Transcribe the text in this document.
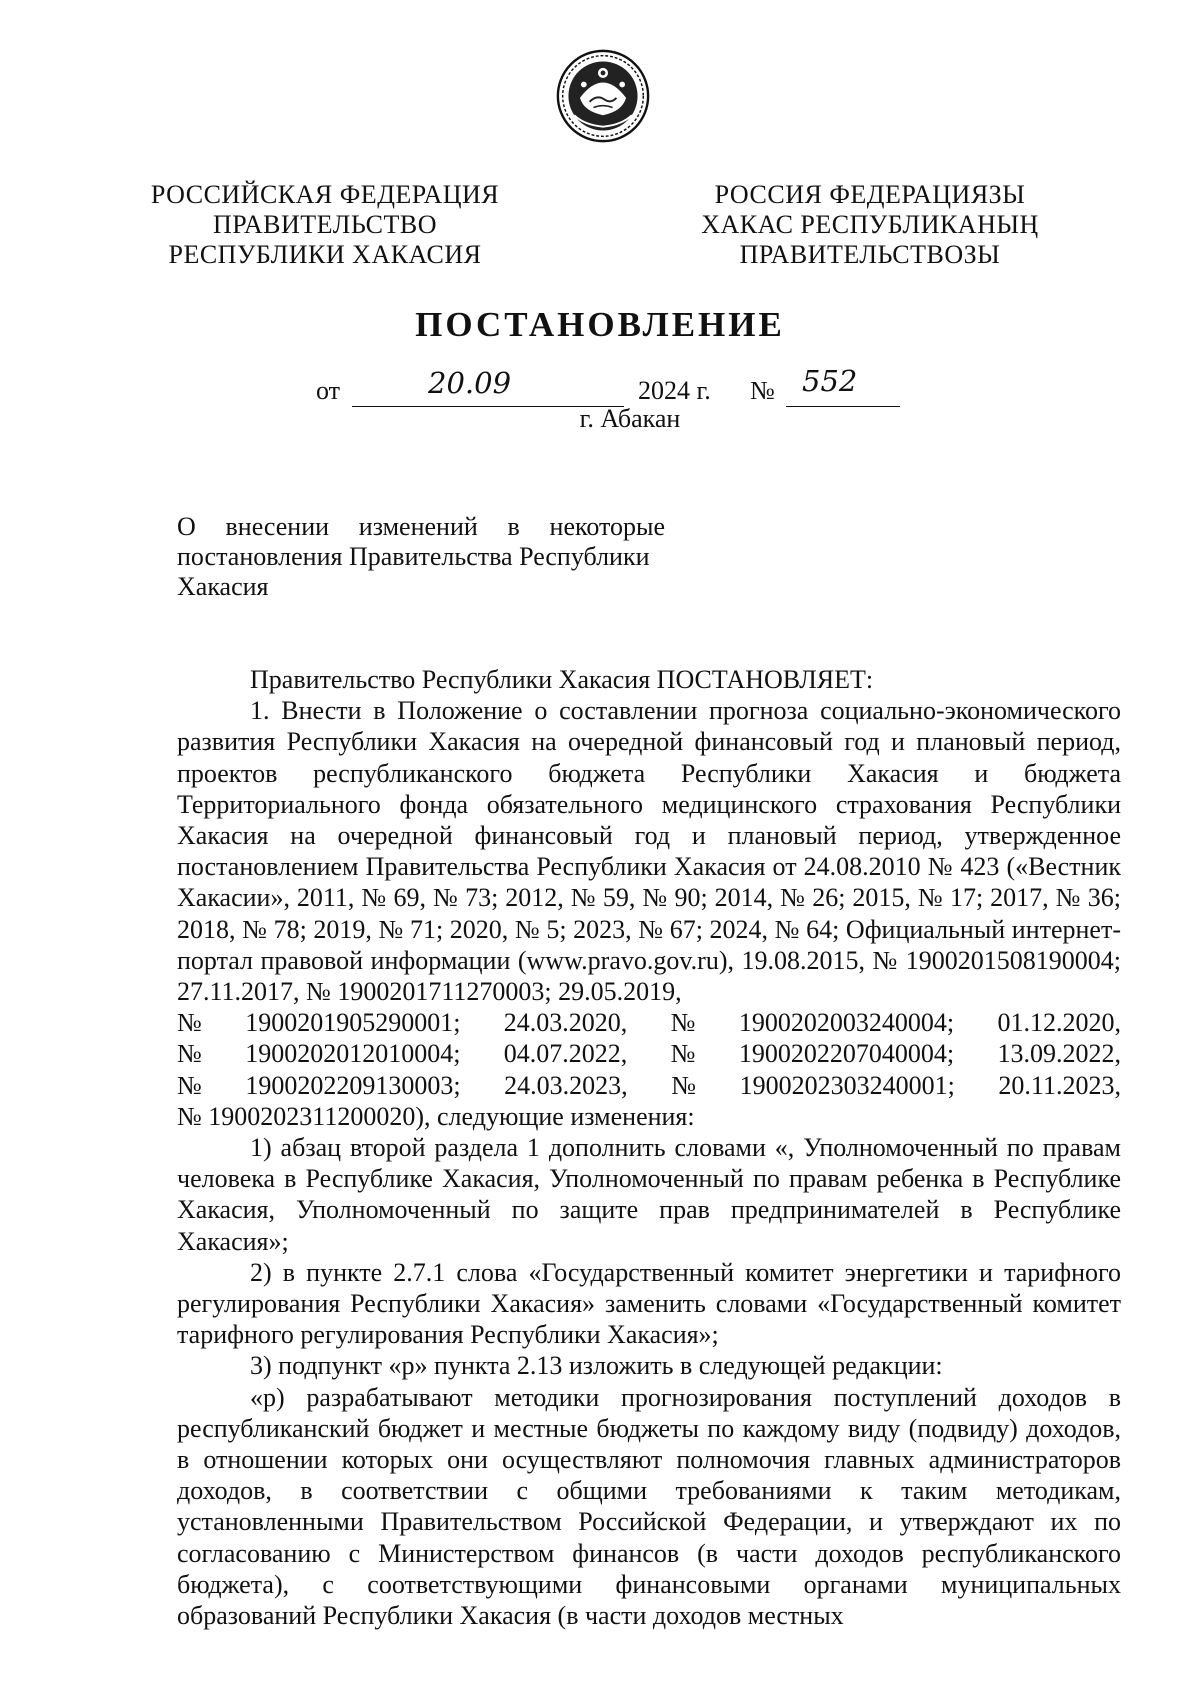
РОССИЙСКАЯ ФЕДЕРАЦИЯ
ПРАВИТЕЛЬСТВО
РЕСПУБЛИКИ ХАКАСИЯ
РОССИЯ ФЕДЕРАЦИЯЗЫ
ХАКАС РЕСПУБЛИКАНЫҢ
ПРАВИТЕЛЬСТВОЗЫ
ПОСТАНОВЛЕНИЕ
от	20.09	2024 г. № 552
г. Абакан
О внесении изменений в некоторые
постановления Правительства Республики
Хакасия

Правительство Республики Хакасия ПОСТАНОВЛЯЕТ:

1. Внести в Положение о составлении прогноза социально-экономического развития Республики Хакасия на очередной финансовый год и плановый период, проектов республиканского бюджета Республики Хакасия и бюджета Территориального фонда обязательного медицинского страхования Республики Хакасия на очередной финансовый год и плановый период, утвержденное постановлением Правительства Республики Хакасия от 24.08.2010 № 423 («Вестник Хакасии», 2011, № 69, № 73; 2012, № 59, № 90; 2014, № 26; 2015, № 17; 2017, № 36; 2018, № 78; 2019, № 71; 2020, № 5; 2023, № 67; 2024, № 64; Официальный интернет-портал правовой информации (www.pravo.gov.ru), 19.08.2015, № 1900201508190004; 27.11.2017, № 1900201711270003; 29.05.2019,

№ 1900201905290001; 24.03.2020, № 1900202003240004; 01.12.2020,
№ 1900202012010004; 04.07.2022, № 1900202207040004; 13.09.2022,
№ 1900202209130003; 24.03.2023, № 1900202303240001; 20.11.2023,

№ 1900202311200020), следующие изменения:

1) абзац второй раздела 1 дополнить словами «, Уполномоченный по правам человека в Республике Хакасия, Уполномоченный по правам ребенка в Республике Хакасия, Уполномоченный по защите прав предпринимателей в Республике Хакасия»;

2) в пункте 2.7.1 слова «Государственный комитет энергетики и тарифного регулирования Республики Хакасия» заменить словами «Государственный комитет тарифного регулирования Республики Хакасия»;

3) подпункт «р» пункта 2.13 изложить в следующей редакции:

«р) разрабатывают методики прогнозирования поступлений доходов в республиканский бюджет и местные бюджеты по каждому виду (подвиду) доходов, в отношении которых они осуществляют полномочия главных администраторов доходов, в соответствии с общими требованиями к таким методикам, установленными Правительством Российской Федерации, и утверждают их по согласованию с Министерством финансов (в части доходов республиканского бюджета), с соответствующими финансовыми органами муниципальных образований Республики Хакасия (в части доходов местных
